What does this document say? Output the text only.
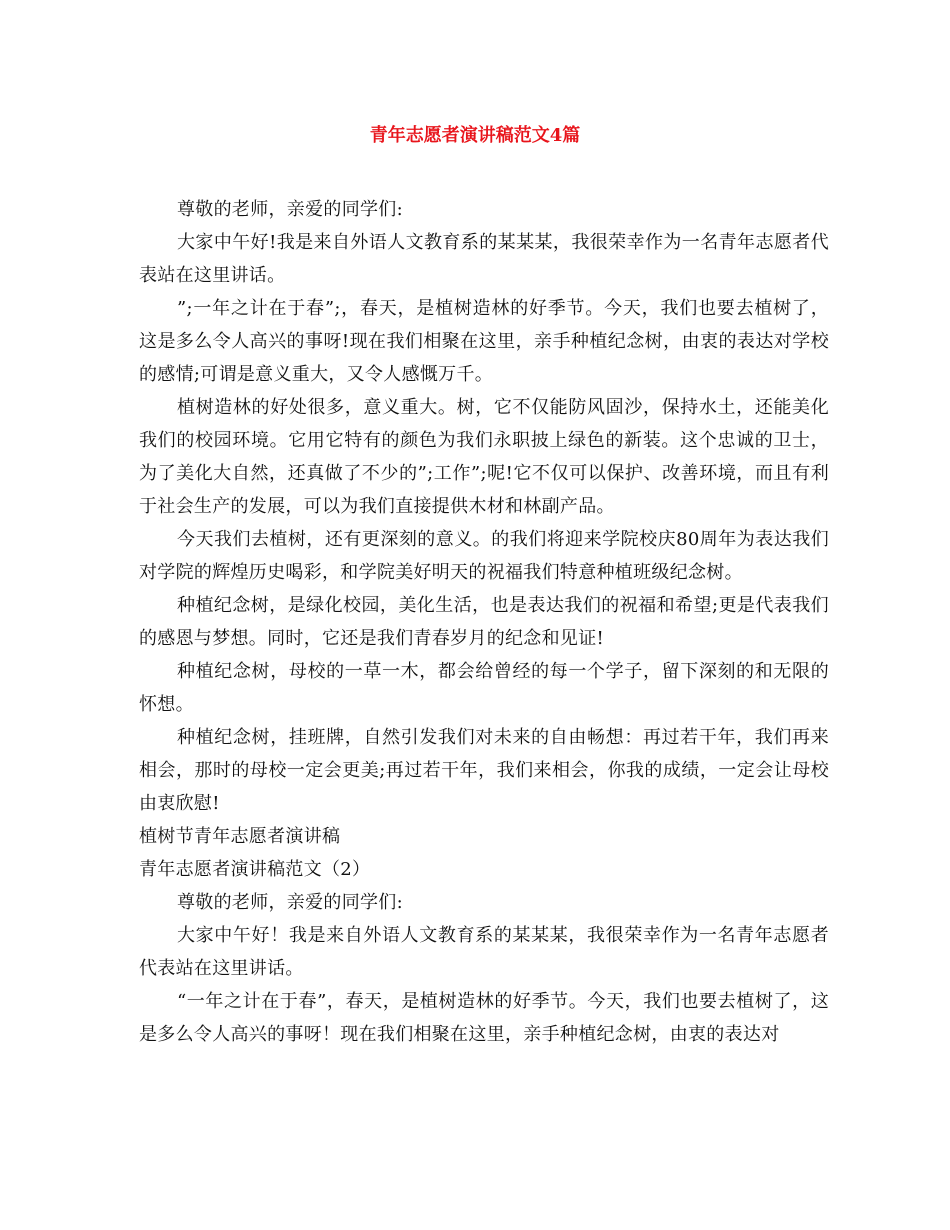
青年志愿者演讲稿范文4篇

尊敬的老师，亲爱的同学们:

大家中午好!我是来自外语人文教育系的某某某，我很荣幸作为一名青年志愿者代表站在这里讲话。

”;一年之计在于春”;，春天，是植树造林的好季节。今天，我们也要去植树了，这是多么令人高兴的事呀!现在我们相聚在这里，亲手种植纪念树，由衷的表达对学校的感情;可谓是意义重大，又令人感慨万千。

植树造林的好处很多，意义重大。树，它不仅能防风固沙，保持水土，还能美化我们的校园环境。它用它特有的颜色为我们永职披上绿色的新装。这个忠诚的卫士，为了美化大自然，还真做了不少的”;工作”;呢!它不仅可以保护、改善环境，而且有利于社会生产的发展，可以为我们直接提供木材和林副产品。

今天我们去植树，还有更深刻的意义。的我们将迎来学院校庆80周年为表达我们对学院的辉煌历史喝彩，和学院美好明天的祝福我们特意种植班级纪念树。

种植纪念树，是绿化校园，美化生活，也是表达我们的祝福和希望;更是代表我们的感恩与梦想。同时，它还是我们青春岁月的纪念和见证!

种植纪念树，母校的一草一木，都会给曾经的每一个学子，留下深刻的和无限的怀想。

种植纪念树，挂班牌，自然引发我们对未来的自由畅想：再过若干年，我们再来相会，那时的母校一定会更美;再过若干年，我们来相会，你我的成绩，一定会让母校由衷欣慰!

植树节青年志愿者演讲稿

青年志愿者演讲稿范文（2）

尊敬的老师，亲爱的同学们:

大家中午好！我是来自外语人文教育系的某某某，我很荣幸作为一名青年志愿者代表站在这里讲话。

“一年之计在于春”，春天，是植树造林的好季节。今天，我们也要去植树了，这是多么令人高兴的事呀！现在我们相聚在这里，亲手种植纪念树，由衷的表达对
